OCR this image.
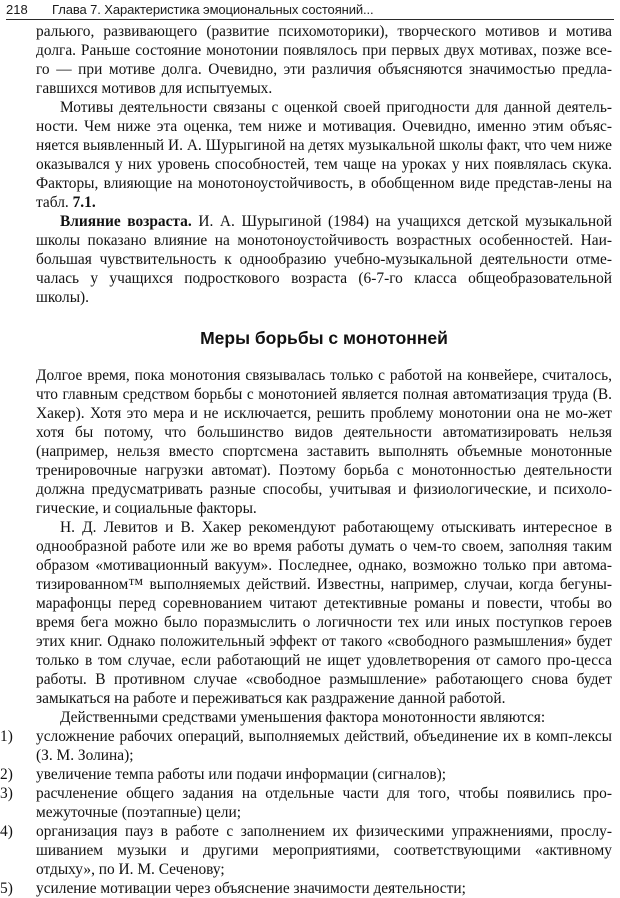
218 Глава 7. Характеристика эмоциональных состояний...

ральюго, развивающего (развитие психомоторики), творческого мотивов и мотива долга. Раньше состояние монотонии появлялось при первых двух мотивах, позже все-го — при мотиве долга. Очевидно, эти различия объясняются значимостью предла-гавшихся мотивов для испытуемых.

Мотивы деятельности связаны с оценкой своей пригодности для данной деятель-ности. Чем ниже эта оценка, тем ниже и мотивация. Очевидно, именно этим объяс-няется выявленный И. А. Шурыгиной на детях музыкальной школы факт, что чем ниже оказывался у них уровень способностей, тем чаще на уроках у них появлялась скука. Факторы, влияющие на монотоноустойчивость, в обобщенном виде представ-лены на табл. 7.1.

Влияние возраста. И. А. Шурыгиной (1984) на учащихся детской музыкальной школы показано влияние на монотоноустойчивость возрастных особенностей. Наи-большая чувствительность к однообразию учебно-музыкальной деятельности отме-чалась у учащихся подросткового возраста (6-7-го класса общеобразовательной школы).

Меры борьбы с монотонней

Долгое время, пока монотония связывалась только с работой на конвейере, считалось, что главным средством борьбы с монотонией является полная автоматизация труда (В. Хакер). Хотя это мера и не исключается, решить проблему монотонии она не мо-жет хотя бы потому, что большинство видов деятельности автоматизировать нельзя (например, нельзя вместо спортсмена заставить выполнять объемные монотонные тренировочные нагрузки автомат). Поэтому борьба с монотонностью деятельности должна предусматривать разные способы, учитывая и физиологические, и психоло-гические, и социальные факторы.

Н. Д. Левитов и В. Хакер рекомендуют работающему отыскивать интересное в однообразной работе или же во время работы думать о чем-то своем, заполняя таким образом «мотивационный вакуум». Последнее, однако, возможно только при автома-тизированном™ выполняемых действий. Известны, например, случаи, когда бегуны-марафонцы перед соревнованием читают детективные романы и повести, чтобы во время бега можно было поразмыслить о логичности тех или иных поступков героев этих книг. Однако положительный эффект от такого «свободного размышления» будет только в том случае, если работающий не ищет удовлетворения от самого про-цесса работы. В противном случае «свободное размышление» работающего снова будет замыкаться на работе и переживаться как раздражение данной работой.

Действенными средствами уменьшения фактора монотонности являются:

1)	усложнение рабочих операций, выполняемых действий, объединение их в комп-лексы (З. М. Золина);
2)	увеличение темпа работы или подачи информации (сигналов);
3)	расчленение общего задания на отдельные части для того, чтобы появились про-межуточные (поэтапные) цели;
4)	организация пауз в работе с заполнением их физическими упражнениями, прослу-шиванием музыки и другими мероприятиями, соответствующими «активному отдыху», по И. М. Сеченову;
5)	усиление мотивации через объяснение значимости деятельности;
